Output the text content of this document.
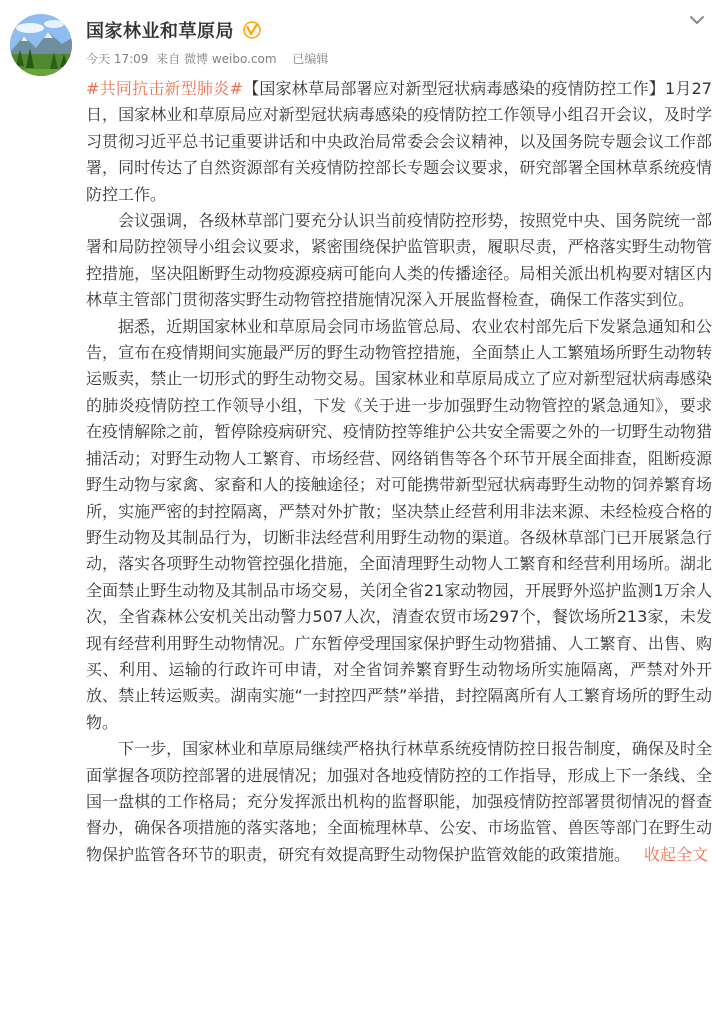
国家林业和草原局
今天 17:09 来自 微博 weibo.com 已编辑

#共同抗击新型肺炎#【国家林草局部署应对新型冠状病毒感染的疫情防控工作】1月27日，国家林业和草原局应对新型冠状病毒感染的疫情防控工作领导小组召开会议，及时学习贯彻习近平总书记重要讲话和中央政治局常委会会议精神，以及国务院专题会议工作部署，同时传达了自然资源部有关疫情防控部长专题会议要求，研究部署全国林草系统疫情防控工作。

会议强调，各级林草部门要充分认识当前疫情防控形势，按照党中央、国务院统一部署和局防控领导小组会议要求，紧密围绕保护监管职责，履职尽责，严格落实野生动物管控措施，坚决阻断野生动物疫源疫病可能向人类的传播途径。局相关派出机构要对辖区内林草主管部门贯彻落实野生动物管控措施情况深入开展监督检查，确保工作落实到位。

据悉，近期国家林业和草原局会同市场监管总局、农业农村部先后下发紧急通知和公告，宣布在疫情期间实施最严厉的野生动物管控措施，全面禁止人工繁殖场所野生动物转运贩卖，禁止一切形式的野生动物交易。国家林业和草原局成立了应对新型冠状病毒感染的肺炎疫情防控工作领导小组，下发《关于进一步加强野生动物管控的紧急通知》，要求在疫情解除之前，暂停除疫病研究、疫情防控等维护公共安全需要之外的一切野生动物猎捕活动；对野生动物人工繁育、市场经营、网络销售等各个环节开展全面排查，阻断疫源野生动物与家禽、家畜和人的接触途径；对可能携带新型冠状病毒野生动物的饲养繁育场所，实施严密的封控隔离，严禁对外扩散；坚决禁止经营利用非法来源、未经检疫合格的野生动物及其制品行为，切断非法经营利用野生动物的渠道。各级林草部门已开展紧急行动，落实各项野生动物管控强化措施，全面清理野生动物人工繁育和经营利用场所。湖北全面禁止野生动物及其制品市场交易，关闭全省21家动物园，开展野外巡护监测1万余人次，全省森林公安机关出动警力507人次，清查农贸市场297个，餐饮场所213家，未发现有经营利用野生动物情况。广东暂停受理国家保护野生动物猎捕、人工繁育、出售、购买、利用、运输的行政许可申请，对全省饲养繁育野生动物场所实施隔离，严禁对外开放、禁止转运贩卖。湖南实施“一封控四严禁”举措，封控隔离所有人工繁育场所的野生动物。

下一步，国家林业和草原局继续严格执行林草系统疫情防控日报告制度，确保及时全面掌握各项防控部署的进展情况；加强对各地疫情防控的工作指导，形成上下一条线、全国一盘棋的工作格局；充分发挥派出机构的监督职能，加强疫情防控部署贯彻情况的督查督办，确保各项措施的落实落地；全面梳理林草、公安、市场监管、兽医等部门在野生动物保护监管各环节的职责，研究有效提高野生动物保护监管效能的政策措施。 收起全文
